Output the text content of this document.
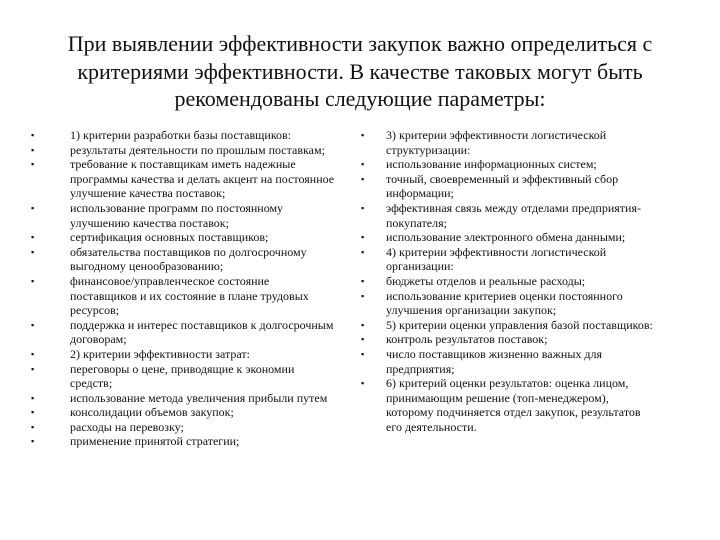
При выявлении эффективности закупок важно определиться с критериями эффективности. В качестве таковых могут быть рекомендованы следующие параметры:
▪	1) критерии разработки базы поставщиков:
▪	результаты деятельности по прошлым поставкам;
▪	требование к поставщикам иметь надежные
программы качества и делать акцент на постоянное
улучшение качества поставок;
▪	использование программ по постоянному
улучшению качества поставок;
▪	сертификация основных поставщиков;
▪	обязательства поставщиков по долгосрочному
выгодному ценообразованию;
▪	финансовое/управленческое состояние
поставщиков и их состояние в плане трудовых
ресурсов;
▪	поддержка и интерес поставщиков к долгосрочным
договорам;
▪	2) критерии эффективности затрат:
▪	переговоры о цене, приводящие к экономии
средств;
▪	использование метода увеличения прибыли путем
▪	консолидации объемов закупок;
▪	расходы на перевозку;
▪	применение принятой стратегии;
▪ 3) критерии эффективности логистической
структуризации:
▪ использование информационных систем;
▪ точный, своевременный и эффективный сбор
информации;
▪ эффективная связь между отделами предприятия-
покупателя;
▪ использование электронного обмена данными;
▪ 4) критерии эффективности логистической
организации:
▪ бюджеты отделов и реальные расходы;
▪ использование критериев оценки постоянного
улучшения организации закупок;
▪ 5) критерии оценки управления базой поставщиков:
▪ контроль результатов поставок;
▪ число поставщиков жизненно важных для
предприятия;
▪ 6) критерий оценки результатов: оценка лицом,
принимающим решение (топ-менеджером),
которому подчиняется отдел закупок, результатов
его деятельности.
